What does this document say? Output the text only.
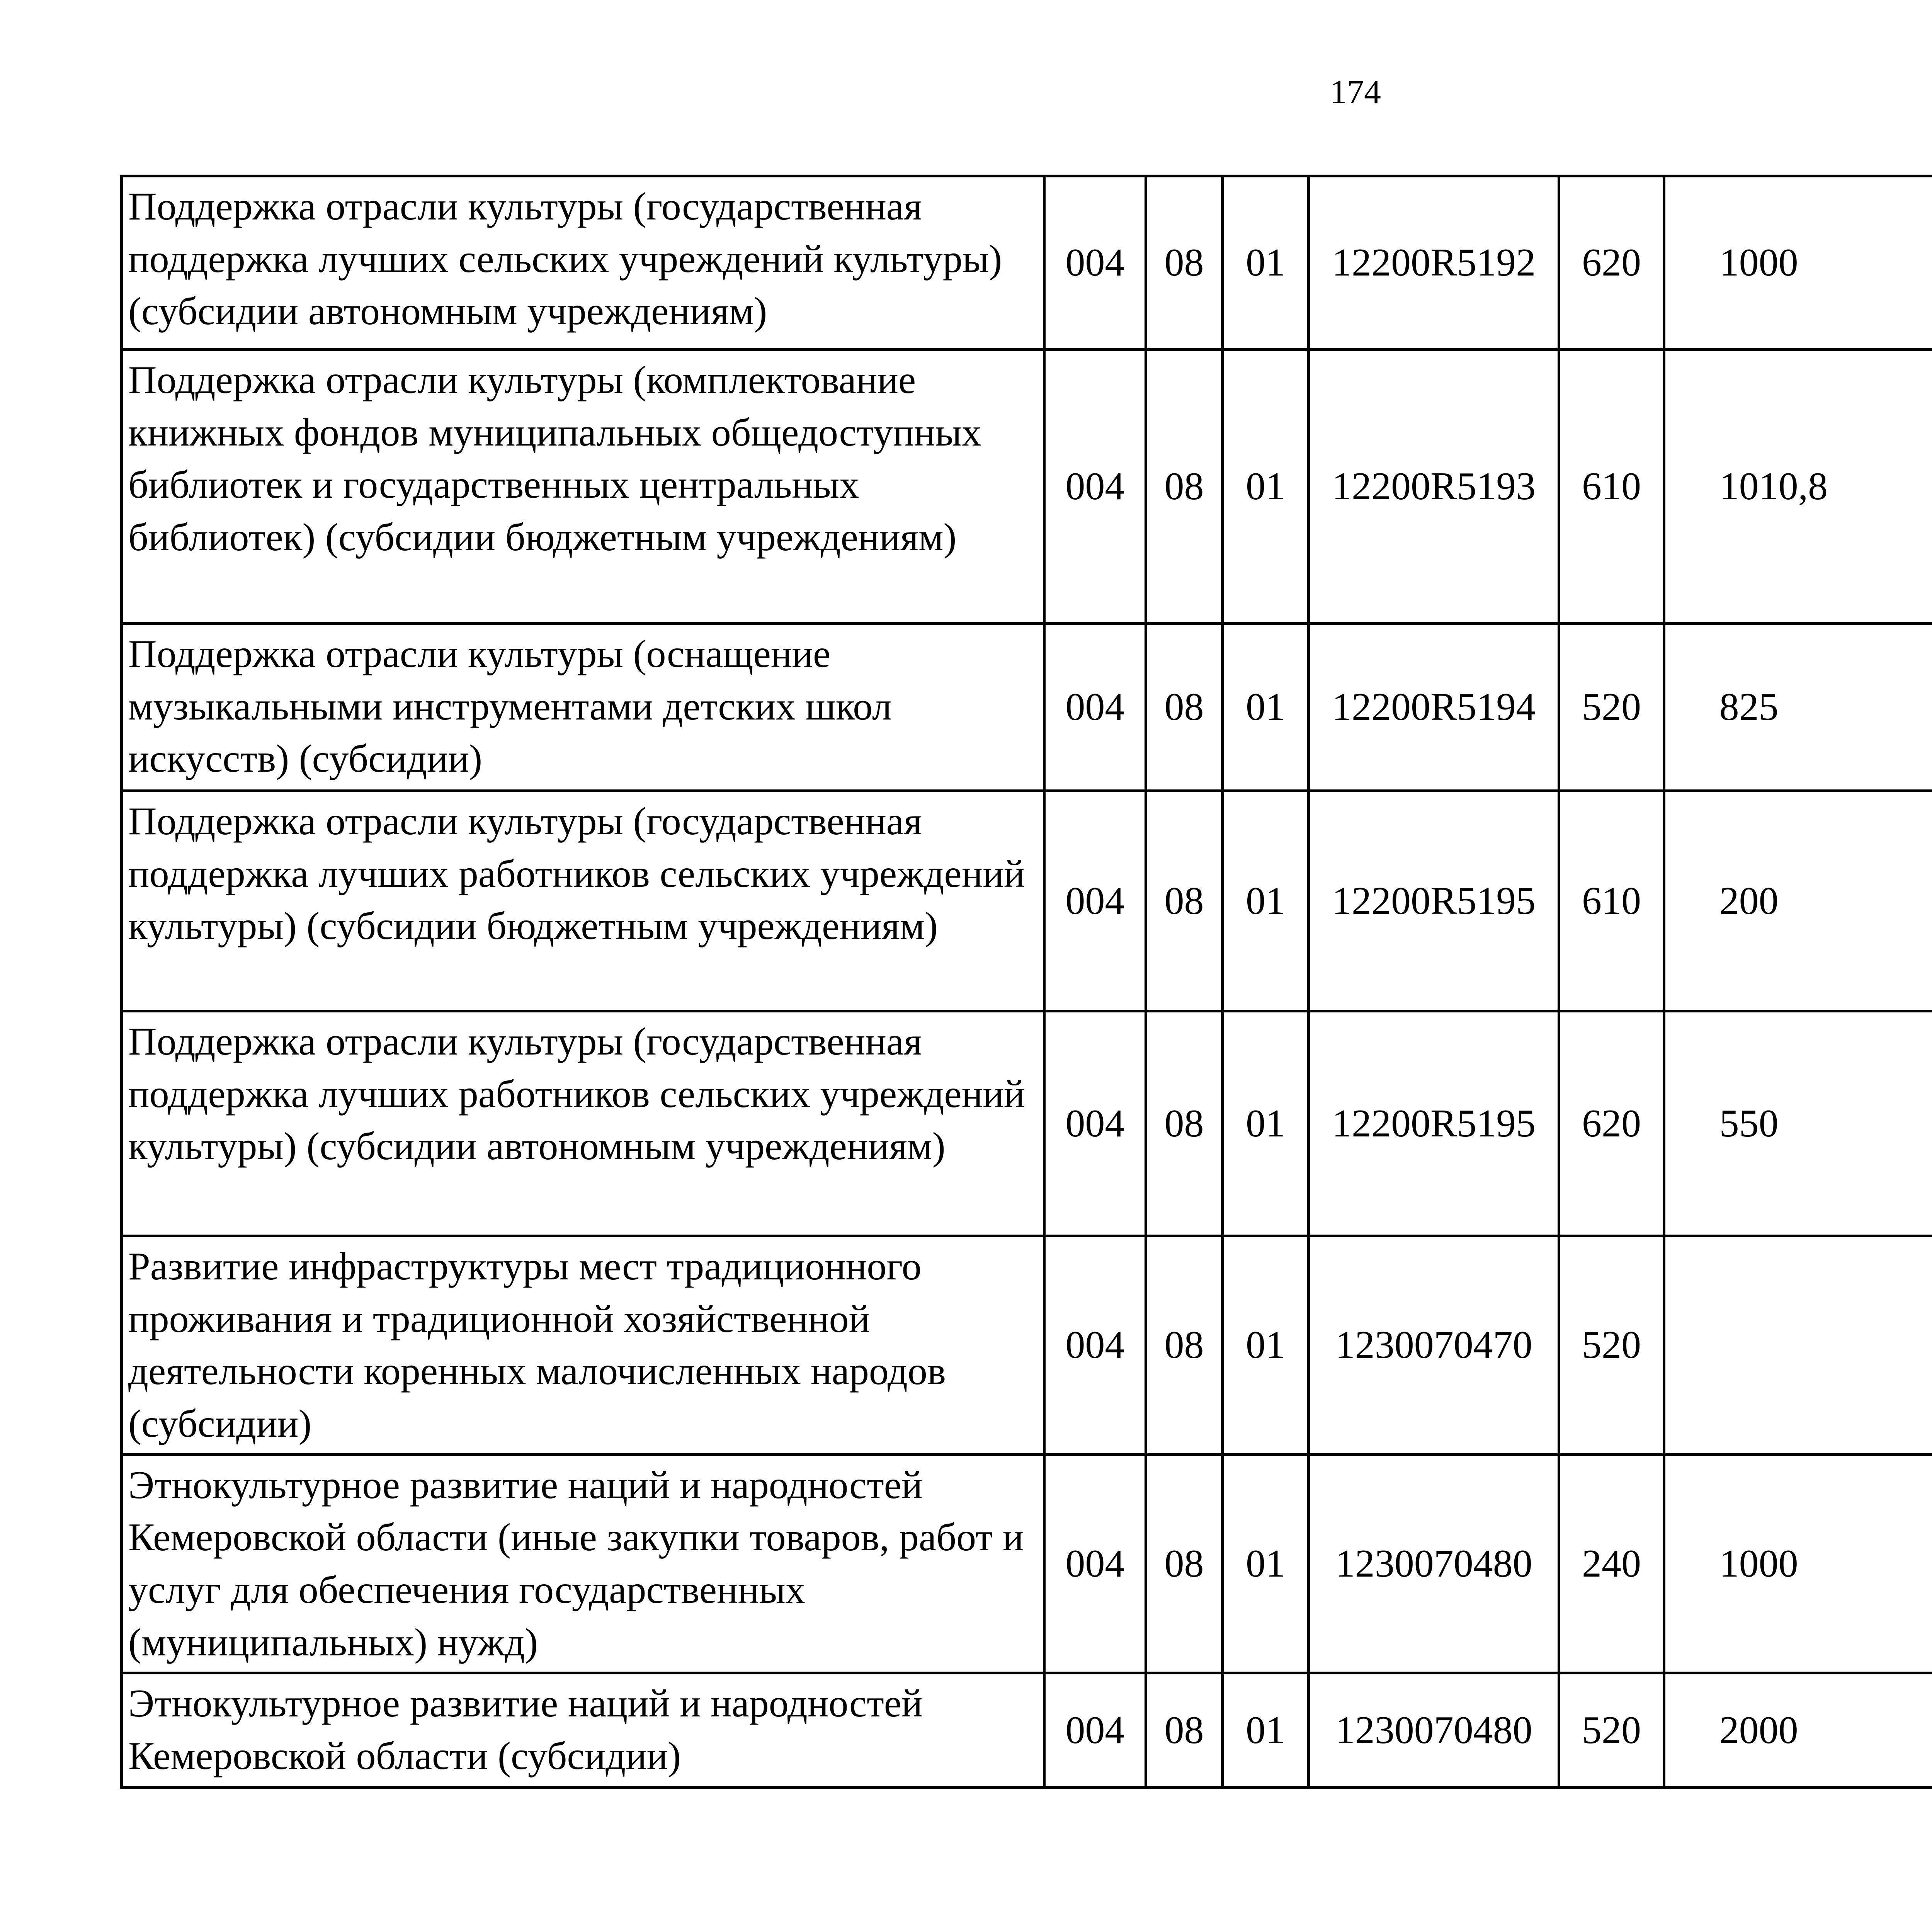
174
Поддержка отрасли культуры (государственная поддержка лучших сельских учреждений культуры) (субсидии автономным учреждениям)	004	08	01	12200R5192	620	1000		
Поддержка отрасли культуры (комплектование книжных фондов муниципальных общедоступных библиотек и государственных центральных библиотек) (субсидии бюджетным учреждениям)	004	08	01	12200R5193	610	1010,8		
Поддержка отрасли культуры (оснащение музыкальными инструментами детских школ искусств) (субсидии)	004	08	01	12200R5194	520	825		
Поддержка отрасли культуры (государственная поддержка лучших работников сельских учреждений культуры) (субсидии бюджетным учреждениям)	004	08	01	12200R5195	610	200		
Поддержка отрасли культуры (государственная поддержка лучших работников сельских учреждений культуры) (субсидии автономным учреждениям)	004	08	01	12200R5195	620	550		
Развитие инфраструктуры мест традиционного проживания и традиционной хозяйственной деятельности коренных малочисленных народов (субсидии)	004	08	01	1230070470	520			
Этнокультурное развитие наций и народностей Кемеровской области (иные закупки товаров, работ и услуг для обеспечения государственных (муниципальных) нужд)	004	08	01	1230070480	240	1000		
Этнокультурное развитие наций и народностей Кемеровской области (субсидии)	004	08	01	1230070480	520	2000		
